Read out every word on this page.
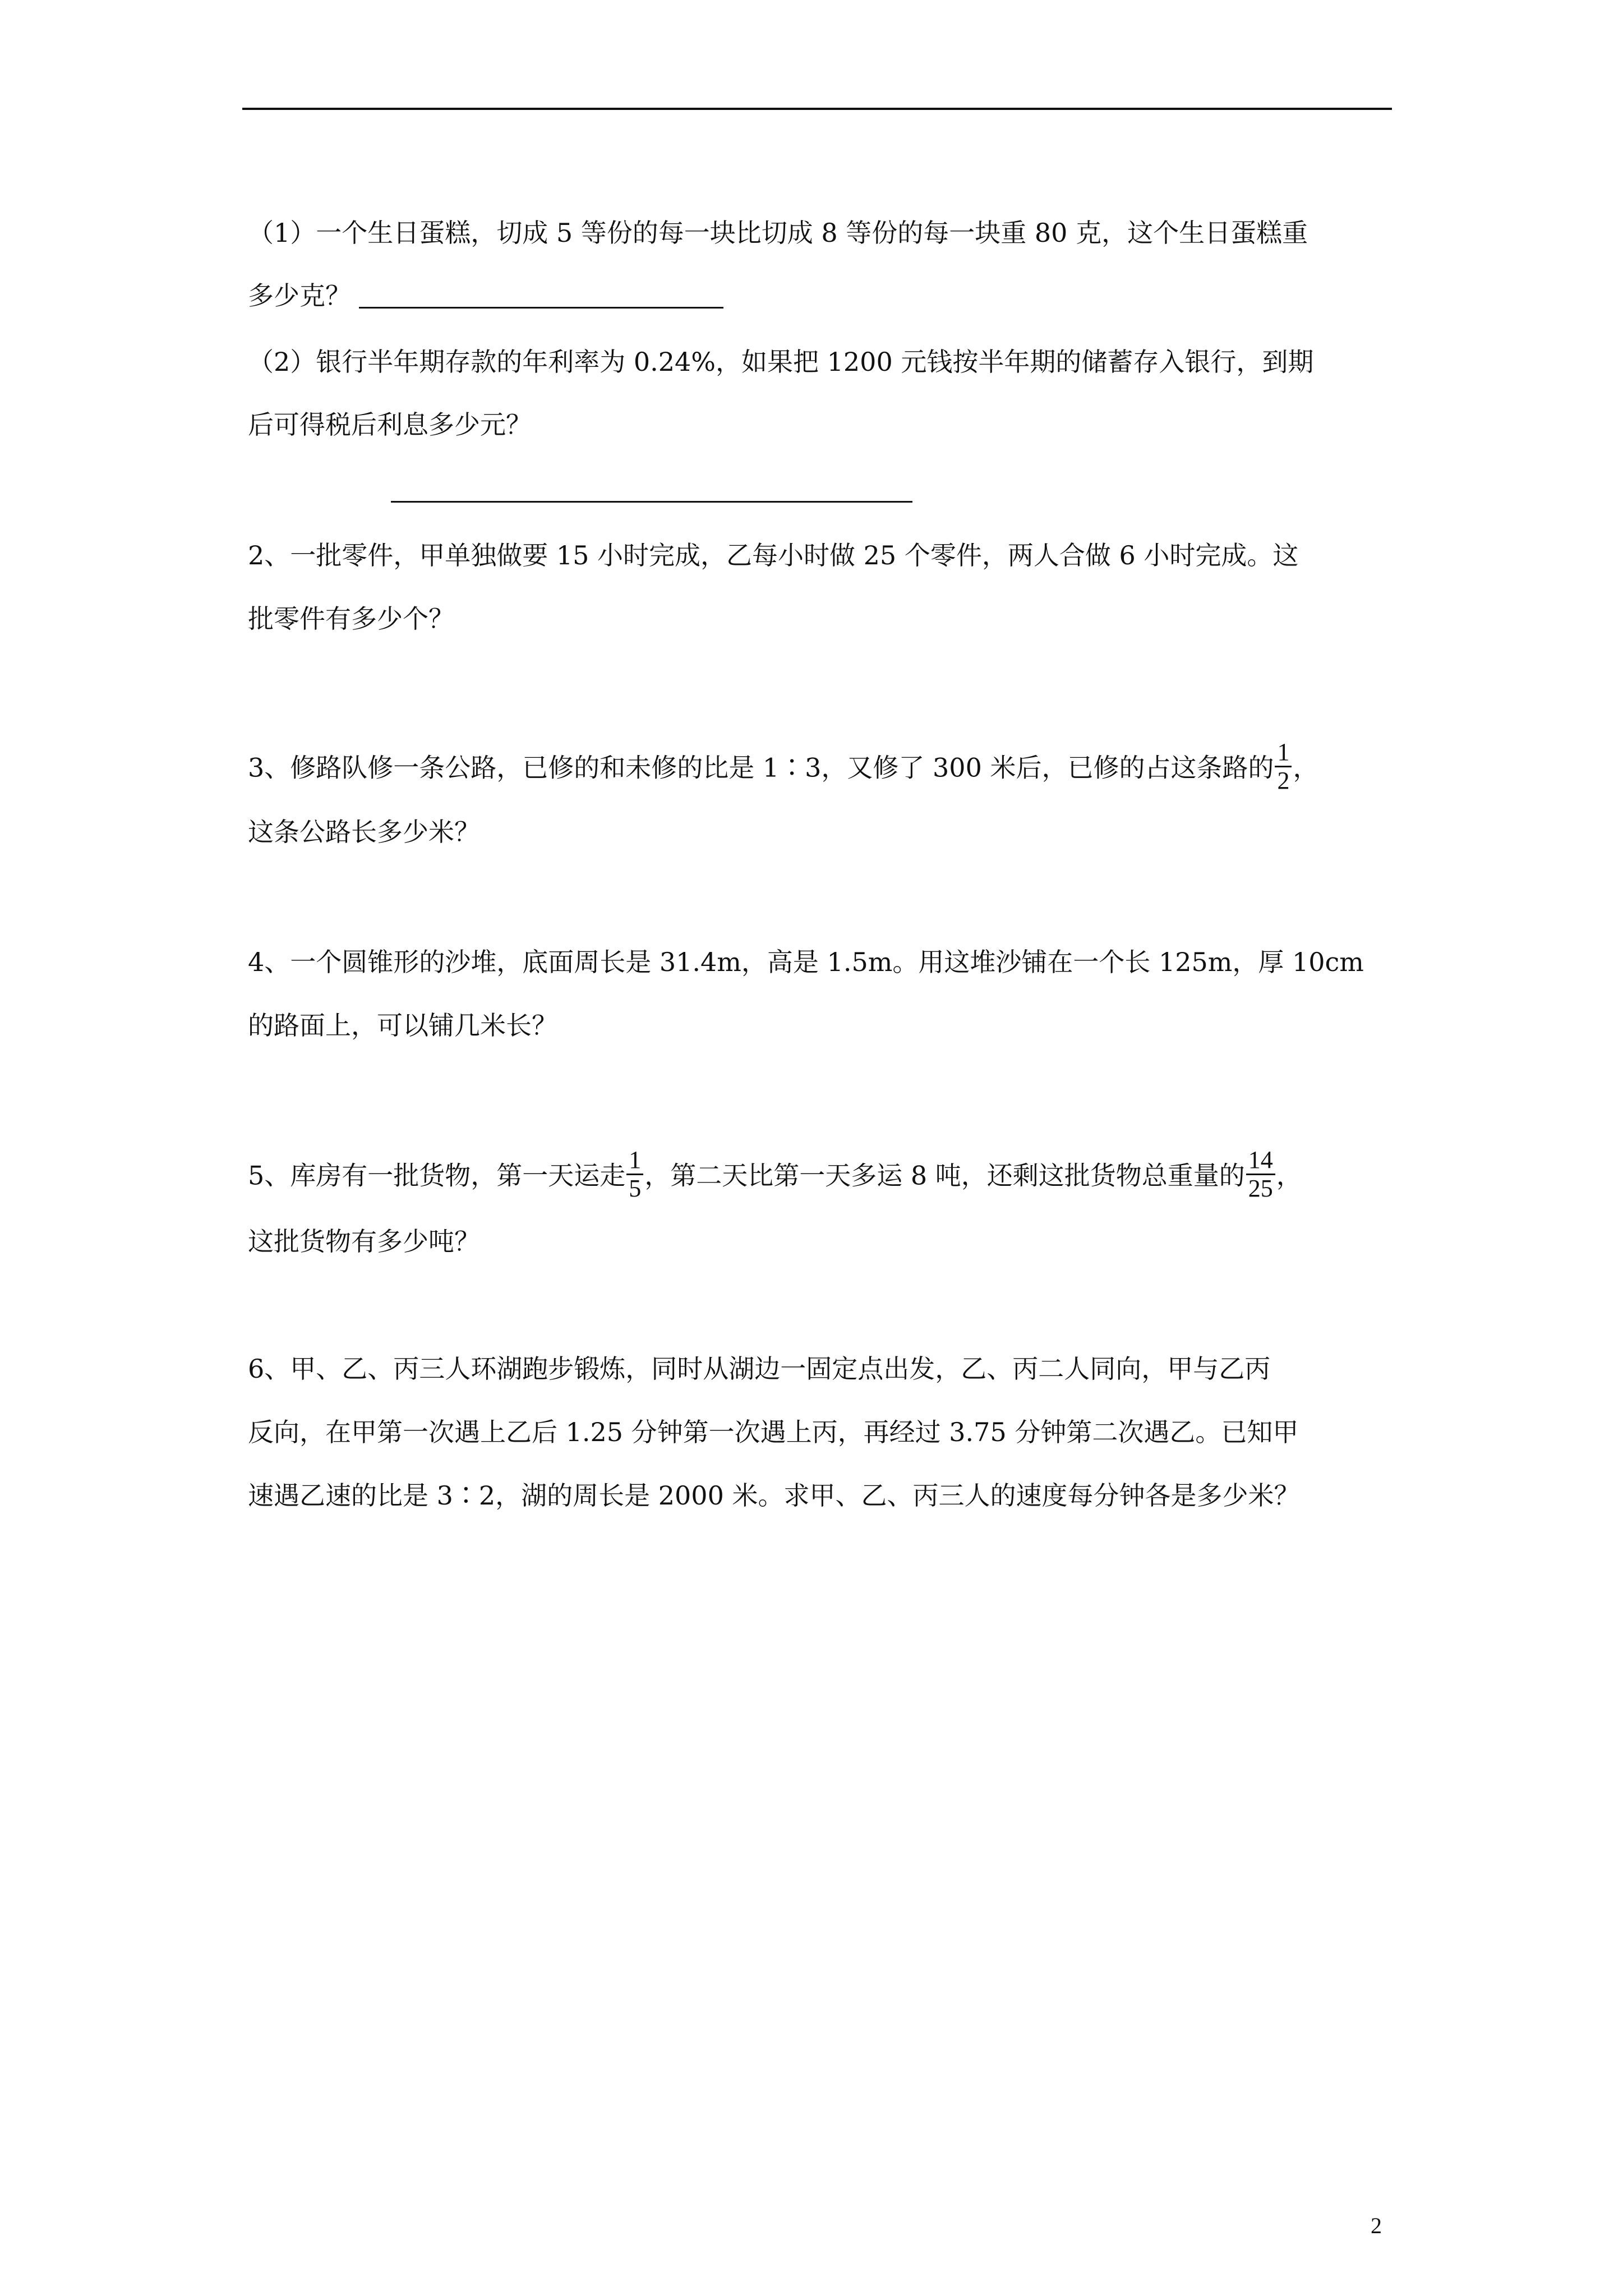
（1）一个生日蛋糕，切成 5 等份的每一块比切成 8 等份的每一块重 80 克，这个生日蛋糕重
多少克？
（2）银行半年期存款的年利率为 0.24%，如果把 1200 元钱按半年期的储蓄存入银行，到期
后可得税后利息多少元？
2、一批零件，甲单独做要 15 小时完成，乙每小时做 25 个零件，两人合做 6 小时完成。这
批零件有多少个？
3、修路队修一条公路，已修的和未修的比是 1∶3，又修了 300 米后，已修的占这条路的 $\frac{1}{2}$ ，
这条公路长多少米？
4、一个圆锥形的沙堆，底面周长是 31.4m，高是 1.5m。用这堆沙铺在一个长 125m，厚 10cm
的路面上，可以铺几米长？
5、库房有一批货物，第一天运走 $\frac{1}{5}$ ，第二天比第一天多运 8 吨，还剩这批货物总重量的 $\frac{14}{25}$ ，
这批货物有多少吨？
6、甲、乙、丙三人环湖跑步锻炼，同时从湖边一固定点出发，乙、丙二人同向，甲与乙丙
反向，在甲第一次遇上乙后 1.25 分钟第一次遇上丙，再经过 3.75 分钟第二次遇乙。已知甲
速遇乙速的比是 3∶2，湖的周长是 2000 米。求甲、乙、丙三人的速度每分钟各是多少米？
2
